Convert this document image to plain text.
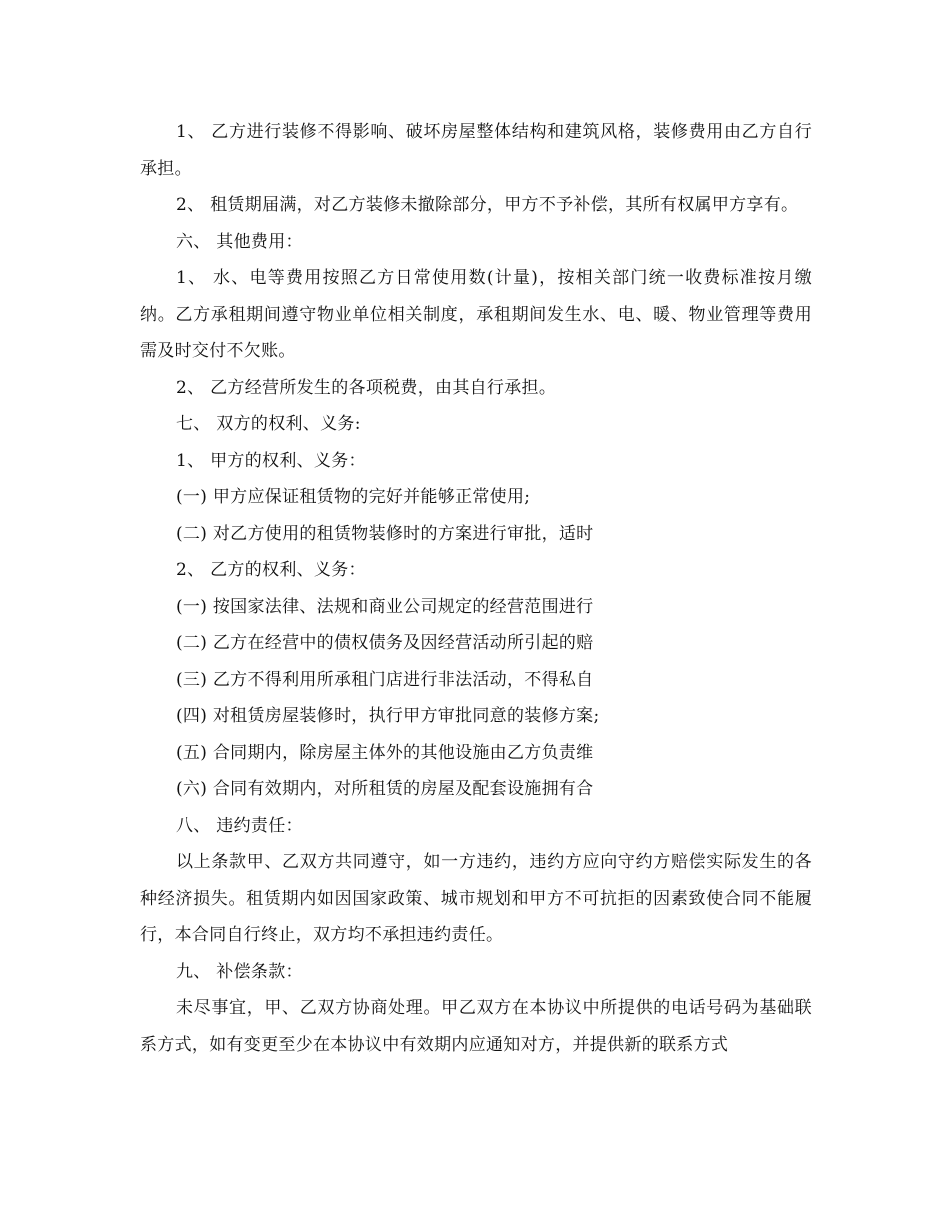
1、 乙方进行装修不得影响、破坏房屋整体结构和建筑风格，装修费用由乙方自行承担。

2、 租赁期届满，对乙方装修未撤除部分，甲方不予补偿，其所有权属甲方享有。

六、 其他费用：

1、 水、电等费用按照乙方日常使用数(计量)，按相关部门统一收费标准按月缴纳。乙方承租期间遵守物业单位相关制度，承租期间发生水、电、暖、物业管理等费用需及时交付不欠账。

2、 乙方经营所发生的各项税费，由其自行承担。

七、 双方的权利、义务:

1、 甲方的权利、义务：

(一) 甲方应保证租赁物的完好并能够正常使用;

(二) 对乙方使用的租赁物装修时的方案进行审批，适时

2、 乙方的权利、义务：

(一) 按国家法律、法规和商业公司规定的经营范围进行

(二) 乙方在经营中的债权债务及因经营活动所引起的赔

(三) 乙方不得利用所承租门店进行非法活动，不得私自

(四) 对租赁房屋装修时，执行甲方审批同意的装修方案;

(五) 合同期内，除房屋主体外的其他设施由乙方负责维

(六) 合同有效期内，对所租赁的房屋及配套设施拥有合

八、 违约责任：

以上条款甲、乙双方共同遵守，如一方违约，违约方应向守约方赔偿实际发生的各种经济损失。租赁期内如因国家政策、城市规划和甲方不可抗拒的因素致使合同不能履行，本合同自行终止，双方均不承担违约责任。

九、 补偿条款：

未尽事宜，甲、乙双方协商处理。甲乙双方在本协议中所提供的电话号码为基础联系方式，如有变更至少在本协议中有效期内应通知对方，并提供新的联系方式
